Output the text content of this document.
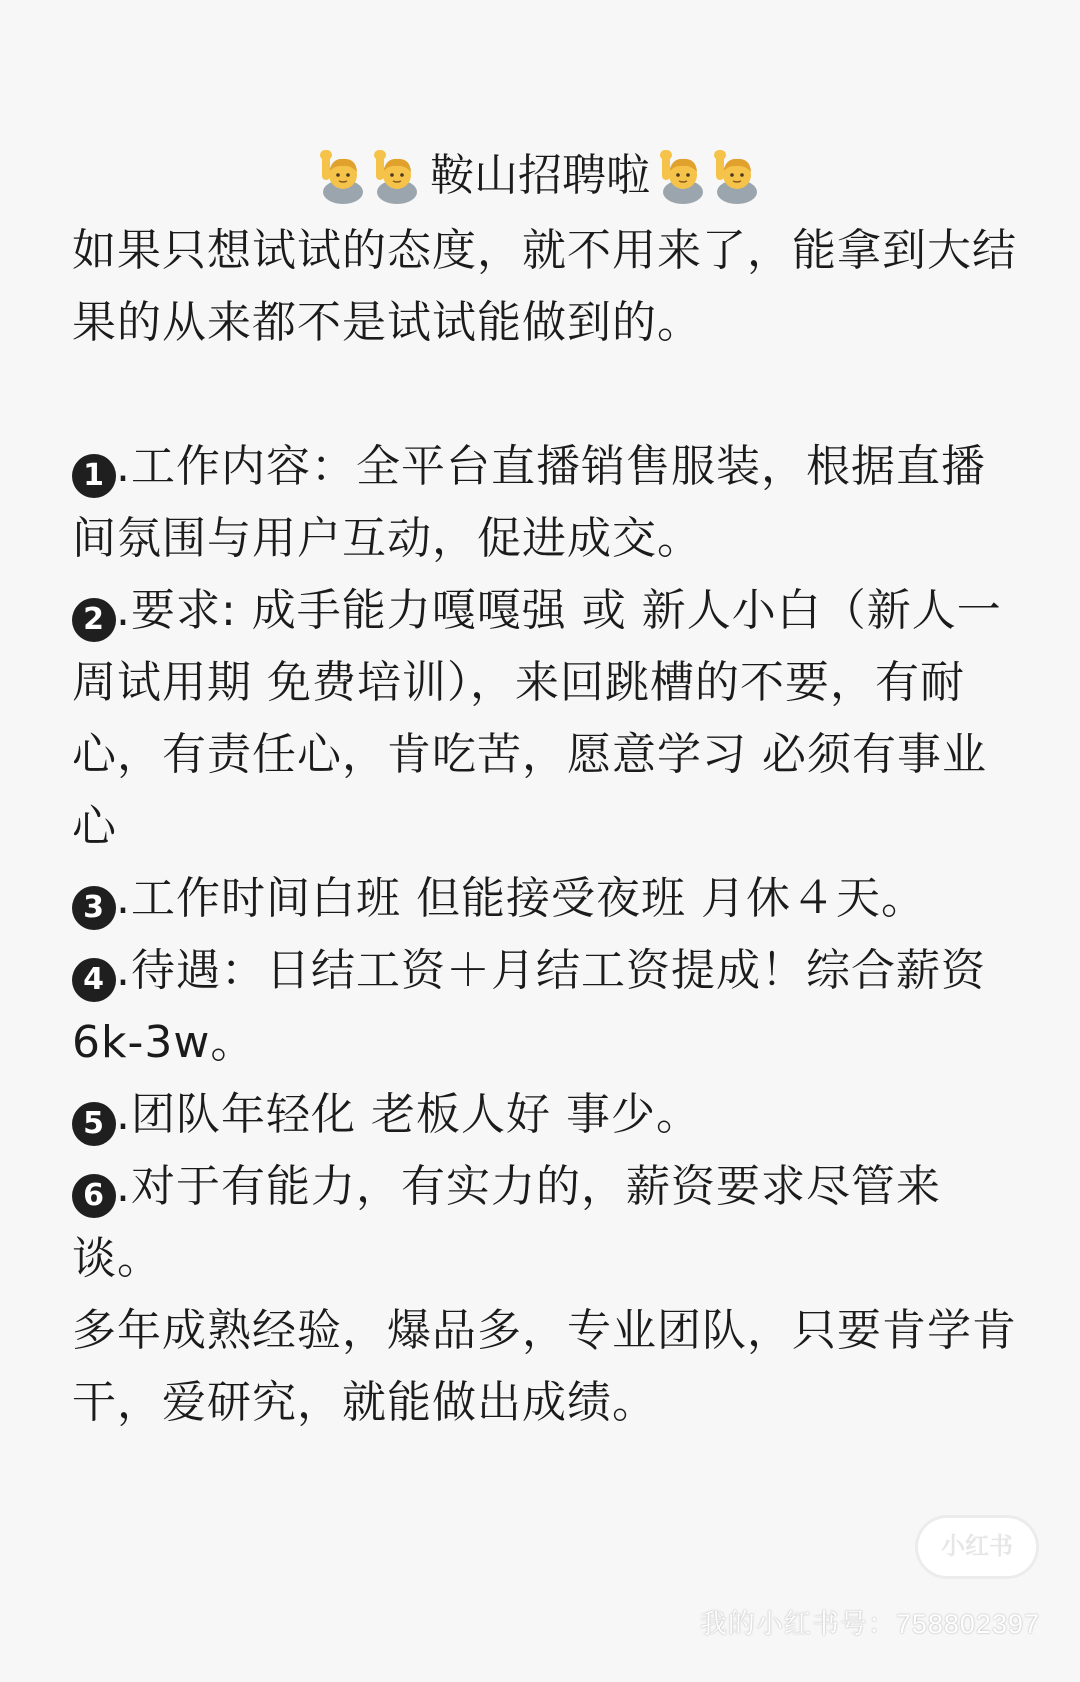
鞍山招聘啦

如果只想试试的态度，就不用来了，能拿到大结果的从来都不是试试能做到的。

1 .工作内容：全平台直播销售服装，根据直播间氛围与用户互动，促进成交。

2 .要求: 成手能力嘎嘎强 或 新人小白（新人一周试用期 免费培训），来回跳槽的不要，有耐心，有责任心，肯吃苦，愿意学习 必须有事业心

3 .工作时间白班 但能接受夜班 月休４天。

4 .待遇：日结工资＋月结工资提成！综合薪资 6k-3w。

5 .团队年轻化 老板人好 事少。

6 .对于有能力，有实力的，薪资要求尽管来谈。

多年成熟经验，爆品多，专业团队，只要肯学肯干，爱研究，就能做出成绩。

小红书
我的小红书号：758802397
